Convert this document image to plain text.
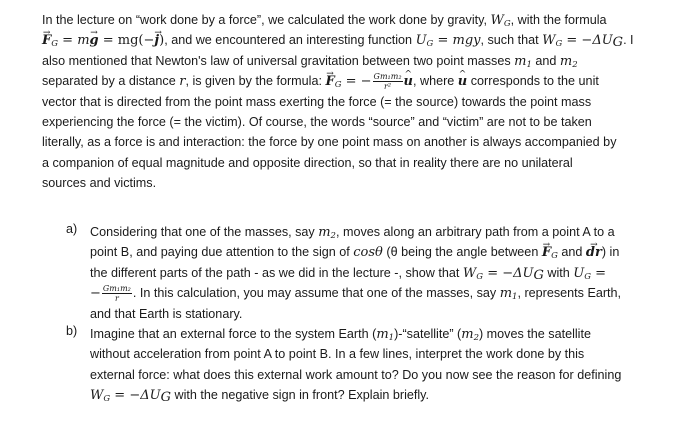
In the lecture on “work done by a force”, we calculated the work done by gravity, $W_G$, with the formula
→ $F_G = m\to g = mg(-\to j)$, and we encountered an interesting function $U_G$ = mgy, such that $W_G = -\Delta U_G$. I
also mentioned that Newton's law of universal gravitation between two point masses $m_1$ and $m_2$
separated by a distance r, is given by the formula: → $F_G$ = − $\frac{\text{Gm₁m₂}}{\text{r²}}$
^ u, where ^ u corresponds to the unit
vector that is directed from the point mass exerting the force (= the source) towards the point mass
experiencing the force (= the victim). Of course, the words “source” and “victim” are not to be taken
literally, as a force is and interaction: the force by one point mass on another is always accompanied by
a companion of equal magnitude and opposite direction, so that in reality there are no unilateral
sources and victims.
a) Considering that one of the masses, say $m_2$, moves along an arbitrary path from a point A to a
point B, and paying due attention to the sign of cosθ (θ being the angle between → $F_G$ and → dr) in
the different parts of the path - as we did in the lecture -, show that $W_G = -\Delta U_G$ with $U_G$ =
− $\frac{\text{Gm₁m₂}}{r}$ . In this calculation, you may assume that one of the masses, say $m_1$, represents Earth,
and that Earth is stationary.
b) Imagine that an external force to the system Earth $(m_1)-“satellite$” $(m_2)$ moves the satellite
without acceleration from point A to point B. In a few lines, interpret the work done by this
external force: what does this external work amount to? Do you now see the reason for defining
$W_G = -\Delta U_G$ with the negative sign in front? Explain briefly.
